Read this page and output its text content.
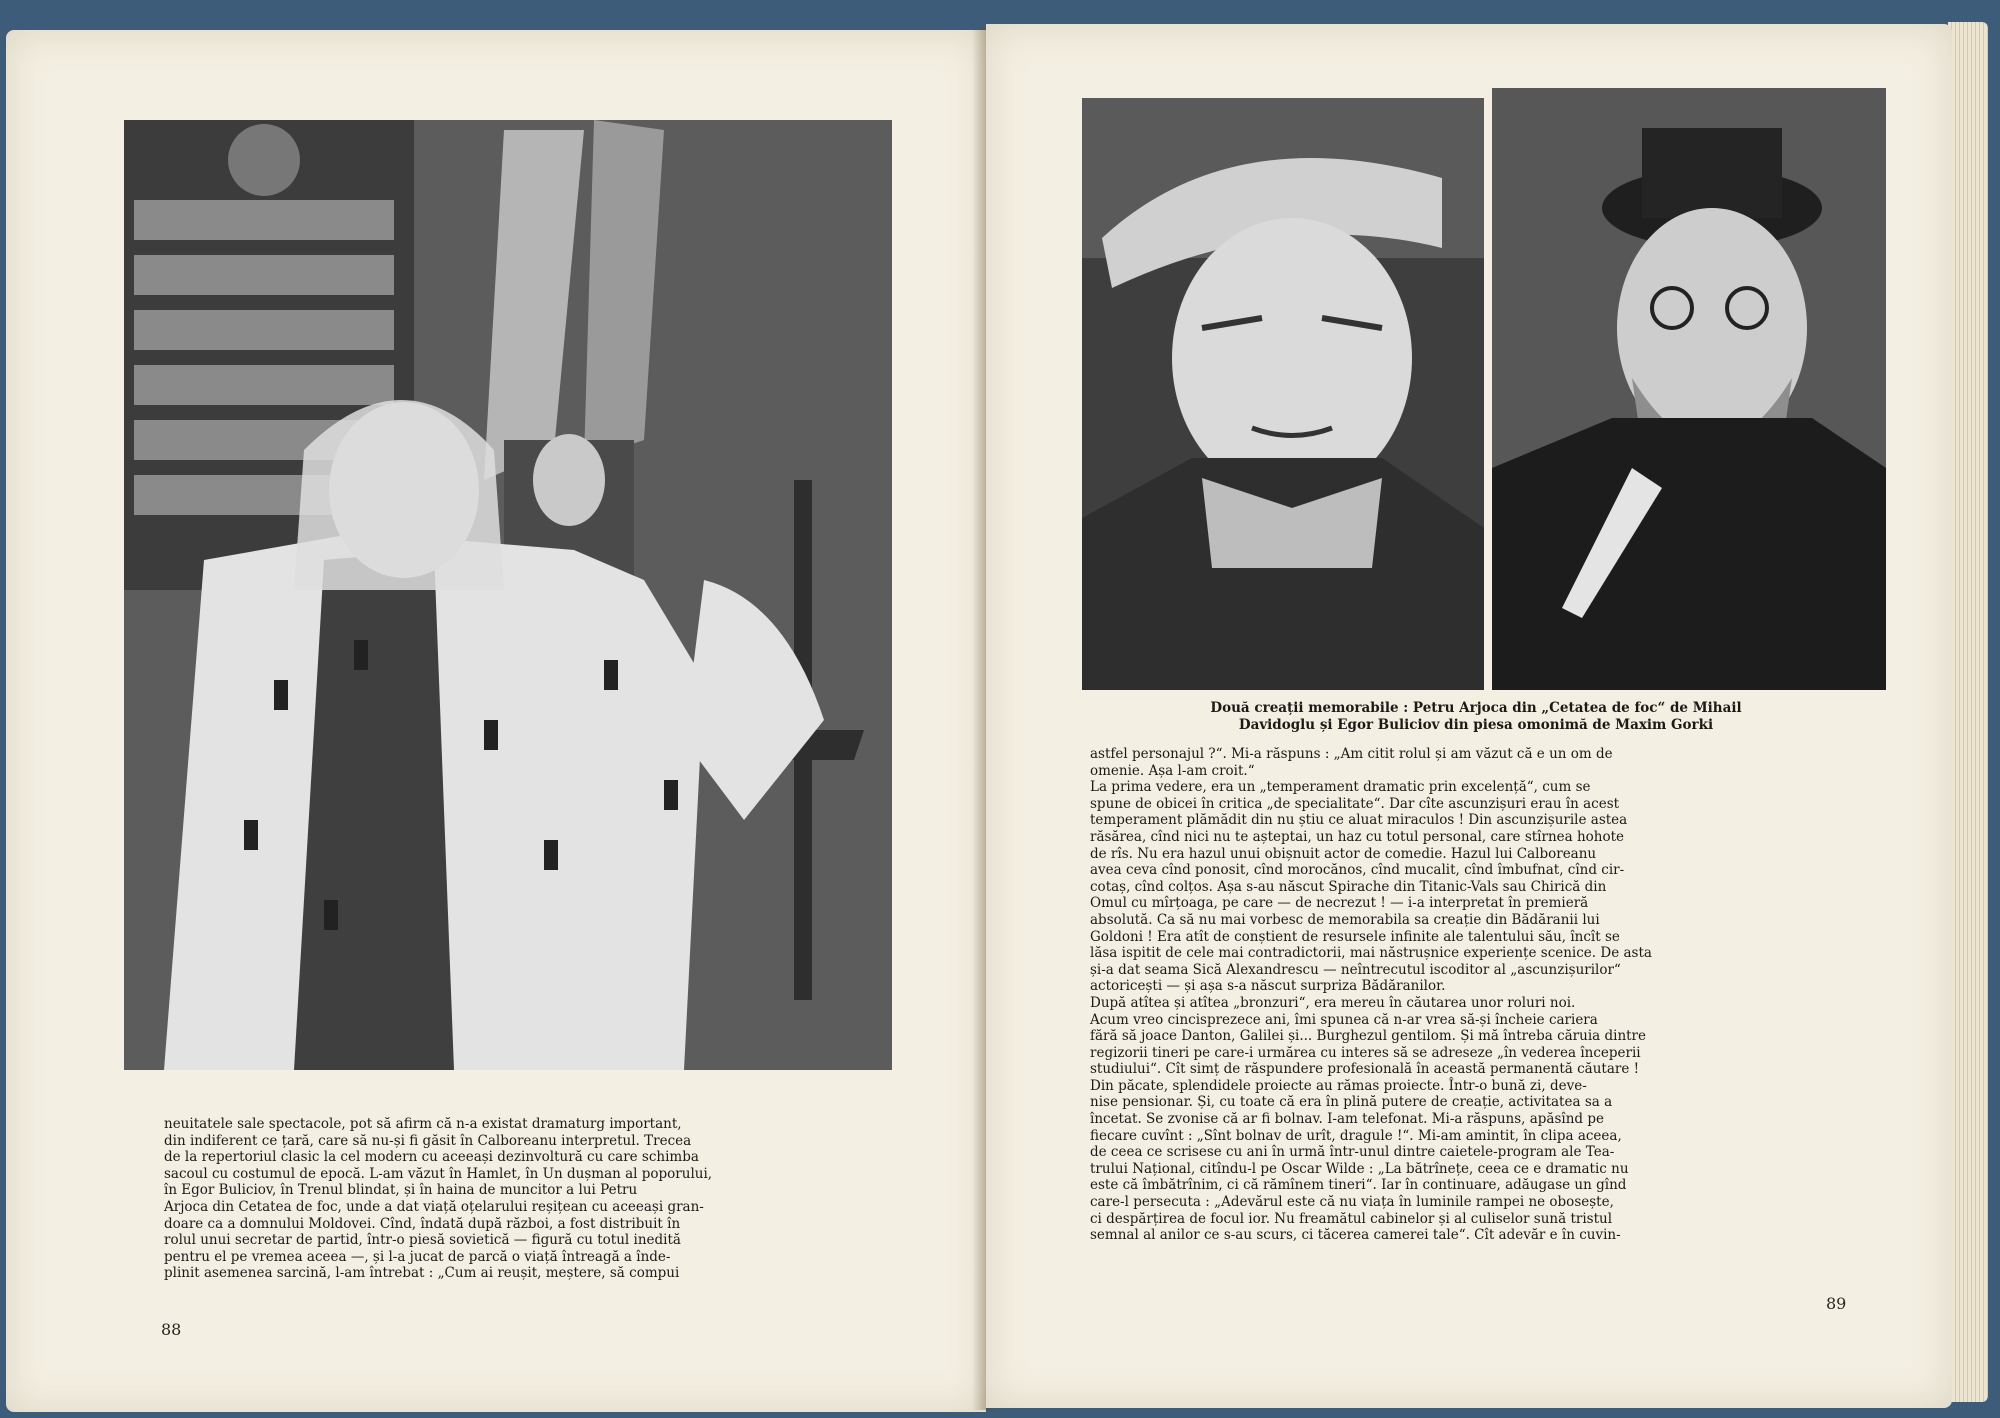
neuitatele sale spectacole, pot să afirm că n-a existat dramaturg important,
din indiferent ce țară, care să nu-și fi găsit în Calboreanu interpretul. Trecea
de la repertoriul clasic la cel modern cu aceeași dezinvoltură cu care schimba
sacoul cu costumul de epocă. L-am văzut în Hamlet, în Un dușman al poporului,
în Egor Buliciov, în Trenul blindat, și în haina de muncitor a lui Petru
Arjoca din Cetatea de foc, unde a dat viață oțelarului reșițean cu aceeași gran-
doare ca a domnului Moldovei. Cînd, îndată după război, a fost distribuit în
rolul unui secretar de partid, într-o piesă sovietică — figură cu totul inedită
pentru el pe vremea aceea —, și l-a jucat de parcă o viață întreagă a înde-
plinit asemenea sarcină, l-am întrebat : „Cum ai reușit, meștere, să compui
88
Două creații memorabile : Petru Arjoca din „Cetatea de foc“ de Mihail
Davidoglu și Egor Buliciov din piesa omonimă de Maxim Gorki
astfel personajul ?“. Mi-a răspuns : „Am citit rolul și am văzut că e un om de
omenie. Așa l-am croit.“
La prima vedere, era un „temperament dramatic prin excelență“, cum se
spune de obicei în critica „de specialitate“. Dar cîte ascunzișuri erau în acest
temperament plămădit din nu știu ce aluat miraculos ! Din ascunzișurile astea
răsărea, cînd nici nu te așteptai, un haz cu totul personal, care stîrnea hohote
de rîs. Nu era hazul unui obișnuit actor de comedie. Hazul lui Calboreanu
avea ceva cînd ponosit, cînd morocănos, cînd mucalit, cînd îmbufnat, cînd cir-
cotaș, cînd colțos. Așa s-au născut Spirache din Titanic-Vals sau Chirică din
Omul cu mîrțoaga, pe care — de necrezut ! — i-a interpretat în premieră
absolută. Ca să nu mai vorbesc de memorabila sa creație din Bădăranii lui
Goldoni ! Era atît de conștient de resursele infinite ale talentului său, încît se
lăsa ispitit de cele mai contradictorii, mai năstrușnice experiențe scenice. De asta
și-a dat seama Sică Alexandrescu — neîntrecutul iscoditor al „ascunzișurilor“
actoricești — și așa s-a născut surpriza Bădăranilor.
După atîtea și atîtea „bronzuri“, era mereu în căutarea unor roluri noi.
Acum vreo cincisprezece ani, îmi spunea că n-ar vrea să-și încheie cariera
fără să joace Danton, Galilei și... Burghezul gentilom. Și mă întreba căruia dintre
regizorii tineri pe care-i urmărea cu interes să se adreseze „în vederea începerii
studiului“. Cît simț de răspundere profesională în această permanentă căutare !
Din păcate, splendidele proiecte au rămas proiecte. Într-o bună zi, deve-
nise pensionar. Și, cu toate că era în plină putere de creație, activitatea sa a
încetat. Se zvonise că ar fi bolnav. I-am telefonat. Mi-a răspuns, apăsînd pe
fiecare cuvînt : „Sînt bolnav de urît, dragule !“. Mi-am amintit, în clipa aceea,
de ceea ce scrisese cu ani în urmă într-unul dintre caietele-program ale Tea-
trului Național, citîndu-l pe Oscar Wilde : „La bătrînețe, ceea ce e dramatic nu
este că îmbătrînim, ci că rămînem tineri“. Iar în continuare, adăugase un gînd
care-l persecuta : „Adevărul este că nu viața în luminile rampei ne obosește,
ci despărțirea de focul ior. Nu freamătul cabinelor și al culiselor sună tristul
semnal al anilor ce s-au scurs, ci tăcerea camerei tale“. Cît adevăr e în cuvin-
89
